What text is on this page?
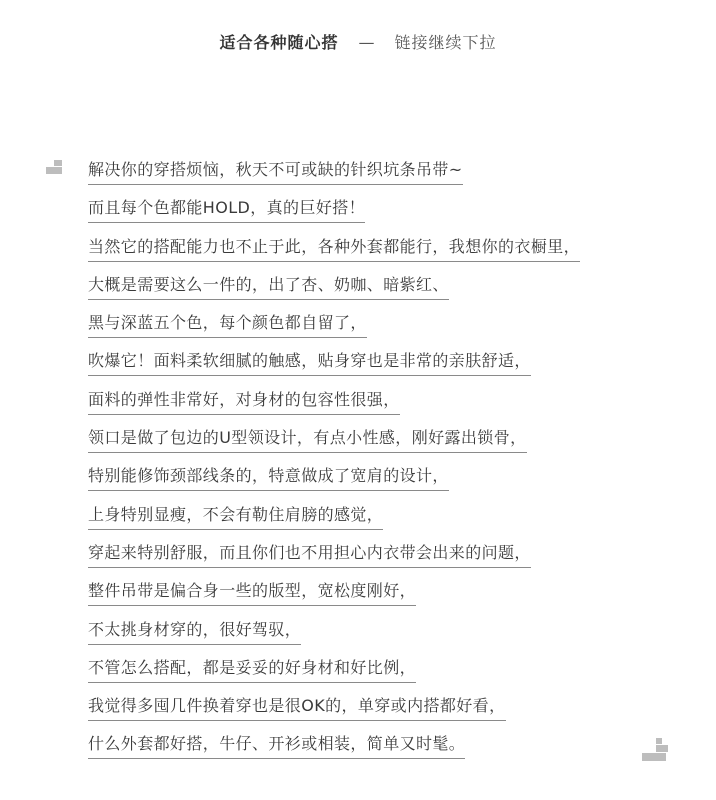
适合各种随心搭 — 链接继续下拉
解决你的穿搭烦恼，秋天不可或缺的针织坑条吊带~
而且每个色都能HOLD，真的巨好搭！
当然它的搭配能力也不止于此，各种外套都能行，我想你的衣橱里，
大概是需要这么一件的，出了杏、奶咖、暗紫红、
黑与深蓝五个色，每个颜色都自留了，
吹爆它！面料柔软细腻的触感，贴身穿也是非常的亲肤舒适，
面料的弹性非常好，对身材的包容性很强，
领口是做了包边的U型领设计，有点小性感，刚好露出锁骨，
特别能修饰颈部线条的，特意做成了宽肩的设计，
上身特别显瘦，不会有勒住肩膀的感觉，
穿起来特别舒服，而且你们也不用担心内衣带会出来的问题，
整件吊带是偏合身一些的版型，宽松度刚好，
不太挑身材穿的，很好驾驭，
不管怎么搭配，都是妥妥的好身材和好比例，
我觉得多囤几件换着穿也是很OK的，单穿或内搭都好看，
什么外套都好搭，牛仔、开衫或相装，简单又时髦。
